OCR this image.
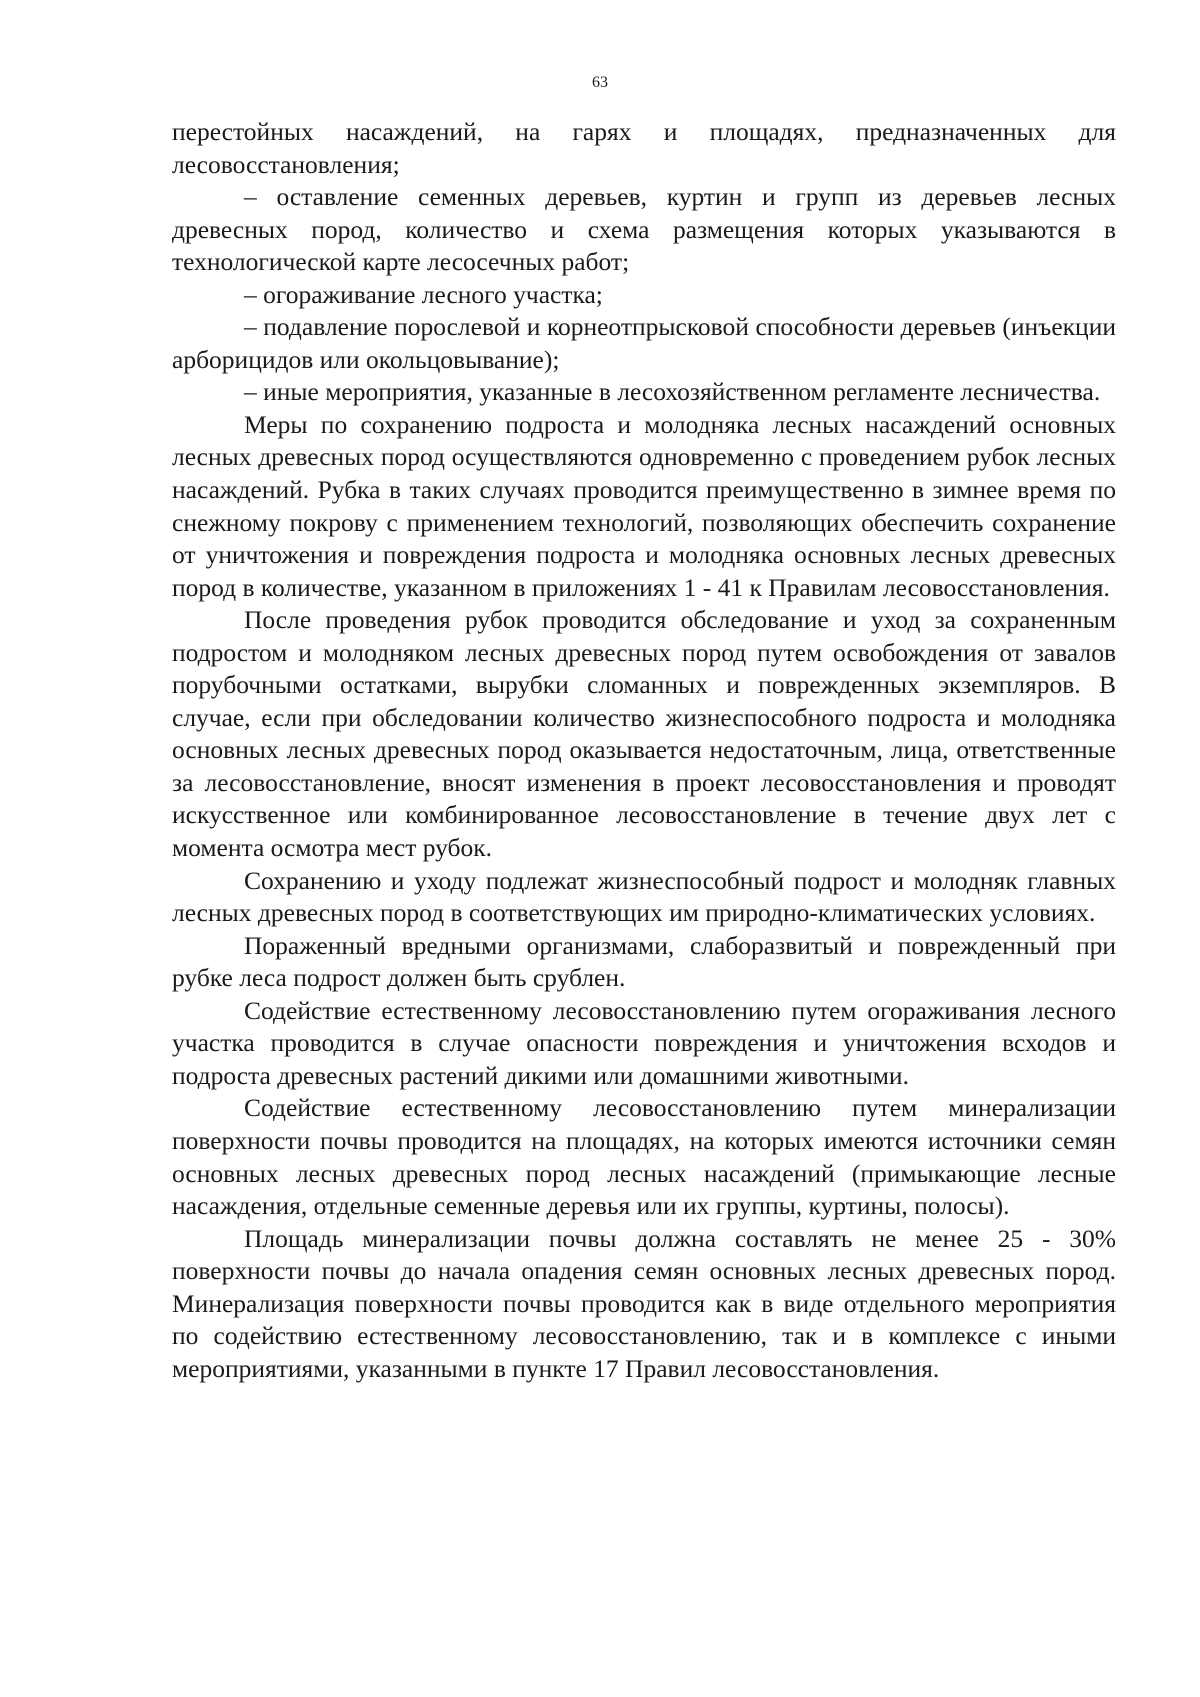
63

перестойных насаждений, на гарях и площадях, предназначенных для лесовосстановления;

– оставление семенных деревьев, куртин и групп из деревьев лесных древесных пород, количество и схема размещения которых указываются в технологической карте лесосечных работ;

– огораживание лесного участка;

– подавление порослевой и корнеотпрысковой способности деревьев (инъекции арборицидов или окольцовывание);

– иные мероприятия, указанные в лесохозяйственном регламенте лесничества.

Меры по сохранению подроста и молодняка лесных насаждений основных лесных древесных пород осуществляются одновременно с проведением рубок лесных насаждений. Рубка в таких случаях проводится преимущественно в зимнее время по снежному покрову с применением технологий, позволяющих обеспечить сохранение от уничтожения и повреждения подроста и молодняка основных лесных древесных пород в количестве, указанном в приложениях 1 - 41 к Правилам лесовосстановления.

После проведения рубок проводится обследование и уход за сохраненным подростом и молодняком лесных древесных пород путем освобождения от завалов порубочными остатками, вырубки сломанных и поврежденных экземпляров. В случае, если при обследовании количество жизнеспособного подроста и молодняка основных лесных древесных пород оказывается недостаточным, лица, ответственные за лесовосстановление, вносят изменения в проект лесовосстановления и проводят искусственное или комбинированное лесовосстановление в течение двух лет с момента осмотра мест рубок.

Сохранению и уходу подлежат жизнеспособный подрост и молодняк главных лесных древесных пород в соответствующих им природно-климатических условиях.

Пораженный вредными организмами, слаборазвитый и поврежденный при рубке леса подрост должен быть срублен.

Содействие естественному лесовосстановлению путем огораживания лесного участка проводится в случае опасности повреждения и уничтожения всходов и подроста древесных растений дикими или домашними животными.

Содействие естественному лесовосстановлению путем минерализации поверхности почвы проводится на площадях, на которых имеются источники семян основных лесных древесных пород лесных насаждений (примыкающие лесные насаждения, отдельные семенные деревья или их группы, куртины, полосы).

Площадь минерализации почвы должна составлять не менее 25 - 30% поверхности почвы до начала опадения семян основных лесных древесных пород. Минерализация поверхности почвы проводится как в виде отдельного мероприятия по содействию естественному лесовосстановлению, так и в комплексе с иными мероприятиями, указанными в пункте 17 Правил лесовосстановления.
